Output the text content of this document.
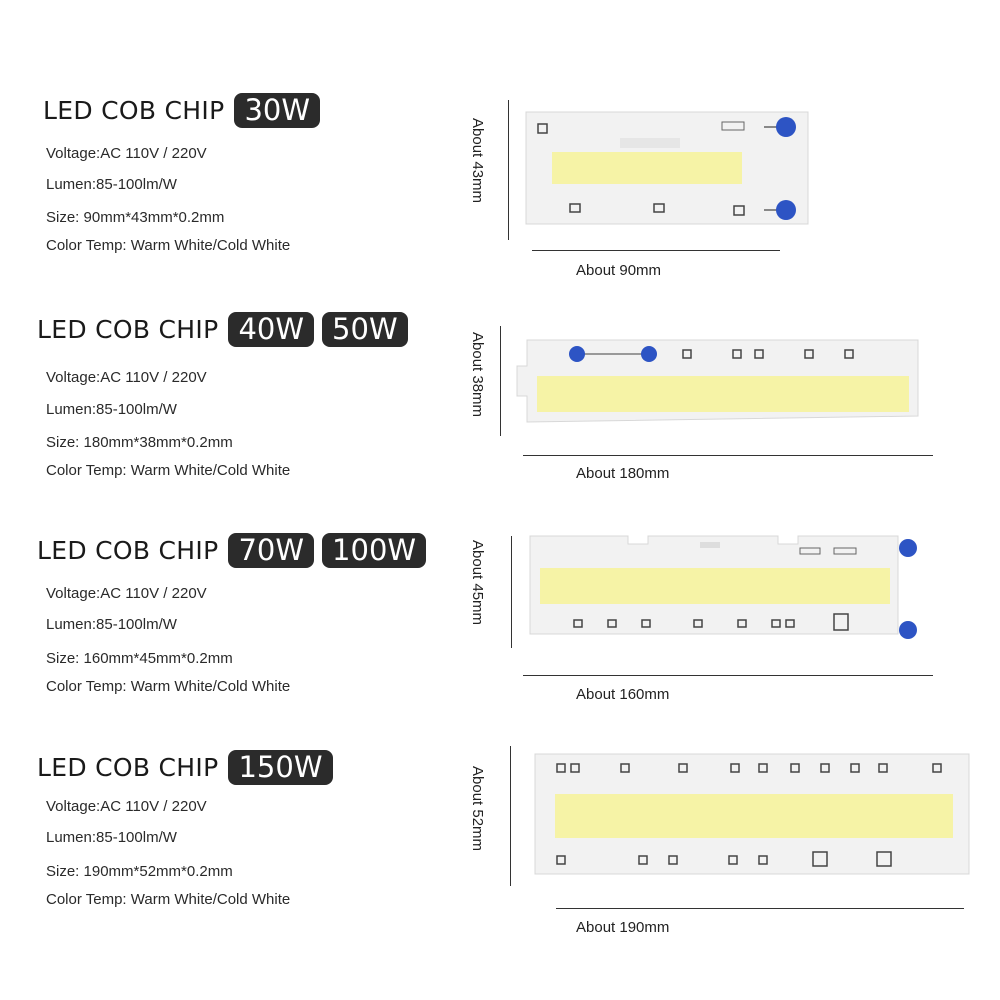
LED COB CHIP 30W
Voltage:AC 110V / 220V
Lumen:85-100lm/W
Size: 90mm*43mm*0.2mm
Color Temp: Warm White/Cold White
About 43mm
About 90mm
LED COB CHIP 40W 50W
Voltage:AC 110V / 220V
Lumen:85-100lm/W
Size: 180mm*38mm*0.2mm
Color Temp: Warm White/Cold White
About 38mm
About 180mm
LED COB CHIP 70W 100W
Voltage:AC 110V / 220V
Lumen:85-100lm/W
Size: 160mm*45mm*0.2mm
Color Temp: Warm White/Cold White
About 45mm
About 160mm
LED COB CHIP 150W
Voltage:AC 110V / 220V
Lumen:85-100lm/W
Size: 190mm*52mm*0.2mm
Color Temp: Warm White/Cold White
About 52mm
About 190mm
